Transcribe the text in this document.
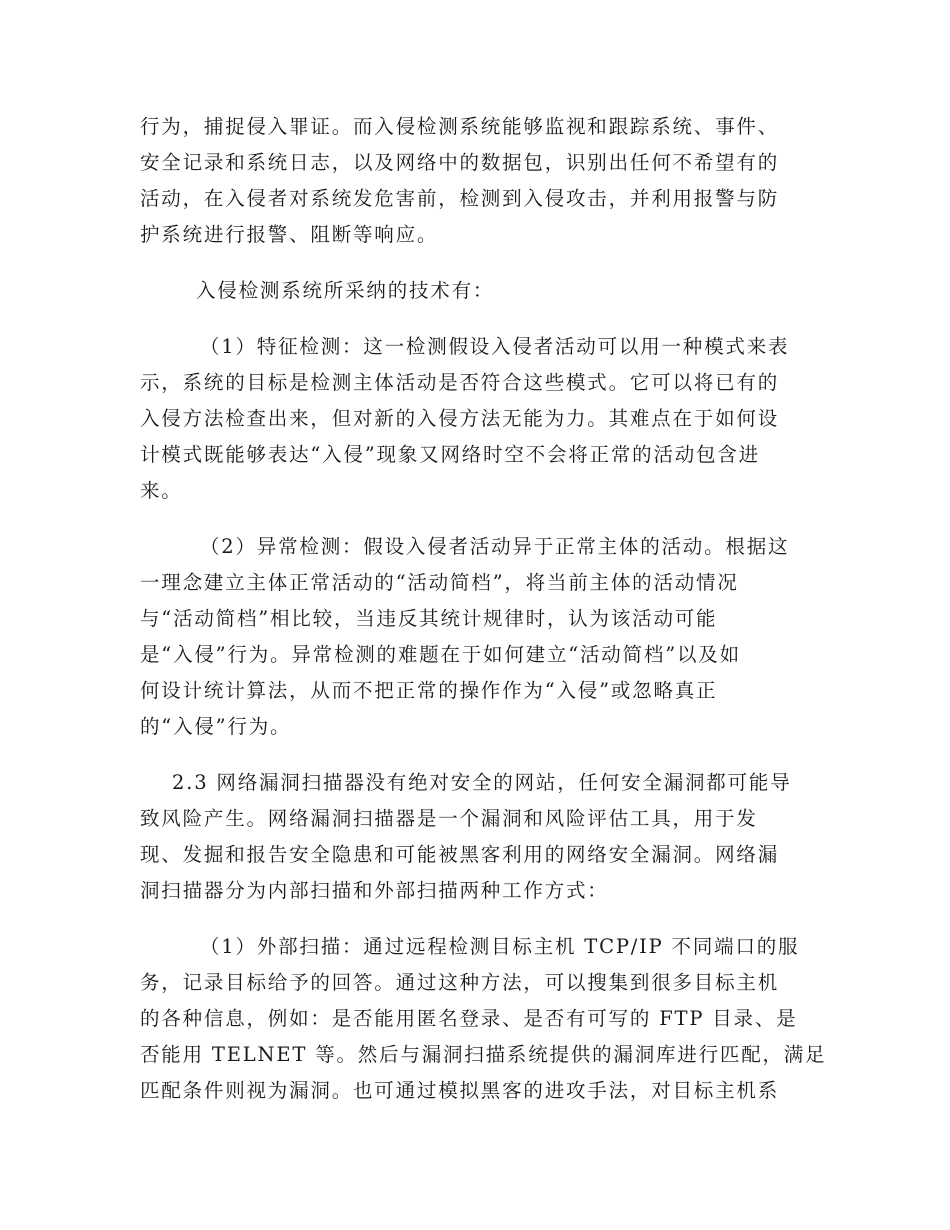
行为，捕捉侵入罪证。而入侵检测系统能够监视和跟踪系统、事件、

安全记录和系统日志，以及网络中的数据包，识别出任何不希望有的

活动，在入侵者对系统发危害前，检测到入侵攻击，并利用报警与防

护系统进行报警、阻断等响应。

入侵检测系统所采纳的技术有：

（1）特征检测：这一检测假设入侵者活动可以用一种模式来表

示，系统的目标是检测主体活动是否符合这些模式。它可以将已有的

入侵方法检查出来，但对新的入侵方法无能为力。其难点在于如何设

计模式既能够表达“入侵”现象又网络时空不会将正常的活动包含进

来。

（2）异常检测：假设入侵者活动异于正常主体的活动。根据这

一理念建立主体正常活动的“活动简档”，将当前主体的活动情况

与“活动简档”相比较，当违反其统计规律时，认为该活动可能

是“入侵”行为。异常检测的难题在于如何建立“活动简档”以及如

何设计统计算法，从而不把正常的操作作为“入侵”或忽略真正

的“入侵”行为。

2.3 网络漏洞扫描器没有绝对安全的网站，任何安全漏洞都可能导

致风险产生。网络漏洞扫描器是一个漏洞和风险评估工具，用于发

现、发掘和报告安全隐患和可能被黑客利用的网络安全漏洞。网络漏

洞扫描器分为内部扫描和外部扫描两种工作方式：

（1）外部扫描：通过远程检测目标主机 TCP/IP 不同端口的服

务，记录目标给予的回答。通过这种方法，可以搜集到很多目标主机

的各种信息，例如：是否能用匿名登录、是否有可写的 FTP 目录、是

否能用 TELNET 等。然后与漏洞扫描系统提供的漏洞库进行匹配，满足

匹配条件则视为漏洞。也可通过模拟黑客的进攻手法，对目标主机系
